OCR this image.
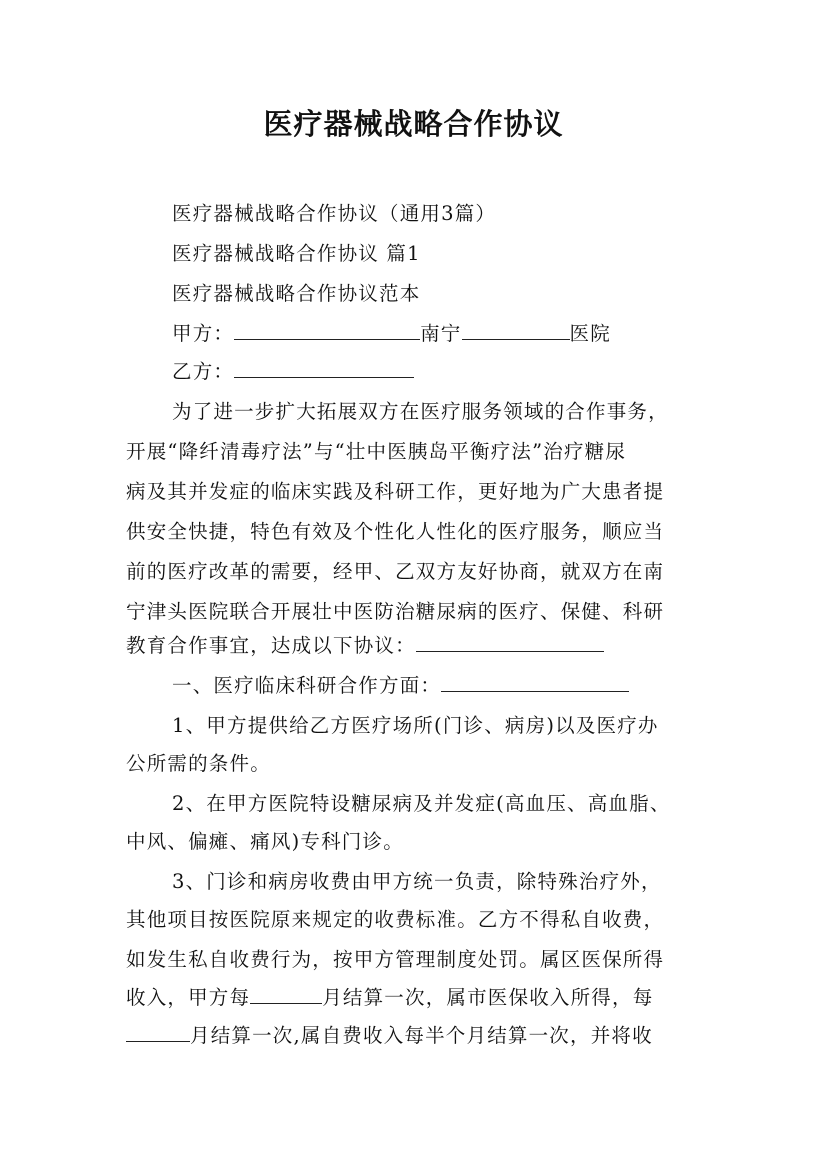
医疗器械战略合作协议
医疗器械战略合作协议（通用3篇）
医疗器械战略合作协议 篇1
医疗器械战略合作协议范本
甲方：	南宁	医院
乙方：
为了进一步扩大拓展双方在医疗服务领域的合作事务，
开展“降纤清毒疗法”与“壮中医胰岛平衡疗法”治疗糖尿
病及其并发症的临床实践及科研工作，更好地为广大患者提
供安全快捷，特色有效及个性化人性化的医疗服务，顺应当
前的医疗改革的需要，经甲、乙双方友好协商，就双方在南
宁津头医院联合开展壮中医防治糖尿病的医疗、保健、科研
教育合作事宜，达成以下协议：
一、医疗临床科研合作方面：
1、甲方提供给乙方医疗场所(门诊、病房)以及医疗办
公所需的条件。
2、在甲方医院特设糖尿病及并发症(高血压、高血脂、
中风、偏瘫、痛风)专科门诊。
3、门诊和病房收费由甲方统一负责，除特殊治疗外，
其他项目按医院原来规定的收费标准。乙方不得私自收费，
如发生私自收费行为，按甲方管理制度处罚。属区医保所得
收入，甲方每	月结算一次，属市医保收入所得，每
月结算一次,属自费收入每半个月结算一次，并将收
